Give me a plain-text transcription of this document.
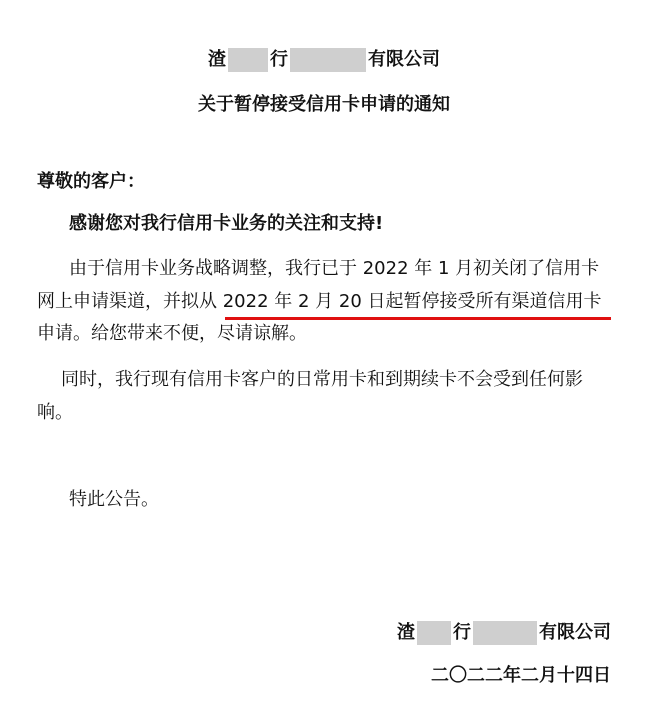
渣 行	有限公司
关于暂停接受信用卡申请的通知
尊敬的客户：
感谢您对我行信用卡业务的关注和支持!
由于信用卡业务战略调整，我行已于 2022 年 1 月初关闭了信用卡
网上申请渠道，并拟从 2022 年 2 月 20 日起暂停接受所有渠道信用卡
申请。给您带来不便，尽请谅解。
同时，我行现有信用卡客户的日常用卡和到期续卡不会受到任何影
响。
特此公告。
渣 行	有限公司
二〇二二年二月十四日
